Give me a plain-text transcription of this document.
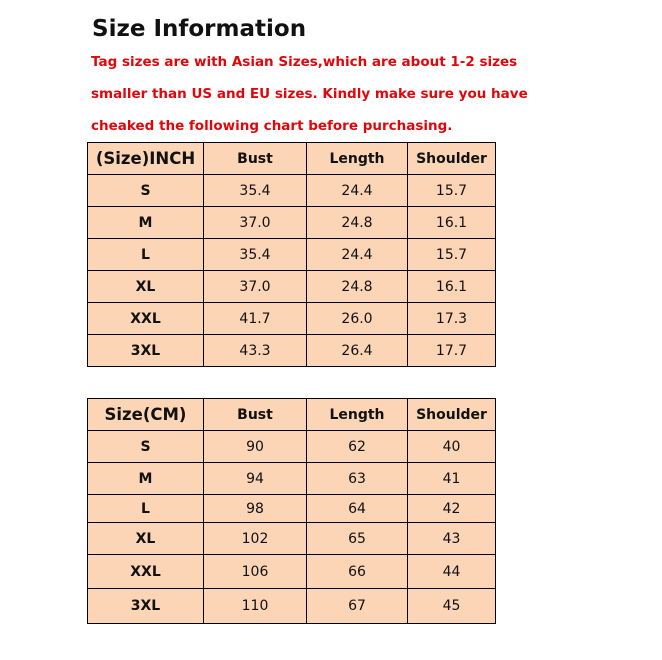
Size Information
Tag sizes are with Asian Sizes,which are about 1-2 sizes
smaller than US and EU sizes. Kindly make sure you have
cheaked the following chart before purchasing.
(Size)INCH	Bust	Length	Shoulder
S	35.4	24.4	15.7
M	37.0	24.8	16.1
L	35.4	24.4	15.7
XL	37.0	24.8	16.1
XXL	41.7	26.0	17.3
3XL	43.3	26.4	17.7
Size(CM)	Bust	Length	Shoulder
S	90	62	40
M	94	63	41
L	98	64	42
XL	102	65	43
XXL	106	66	44
3XL	110	67	45
